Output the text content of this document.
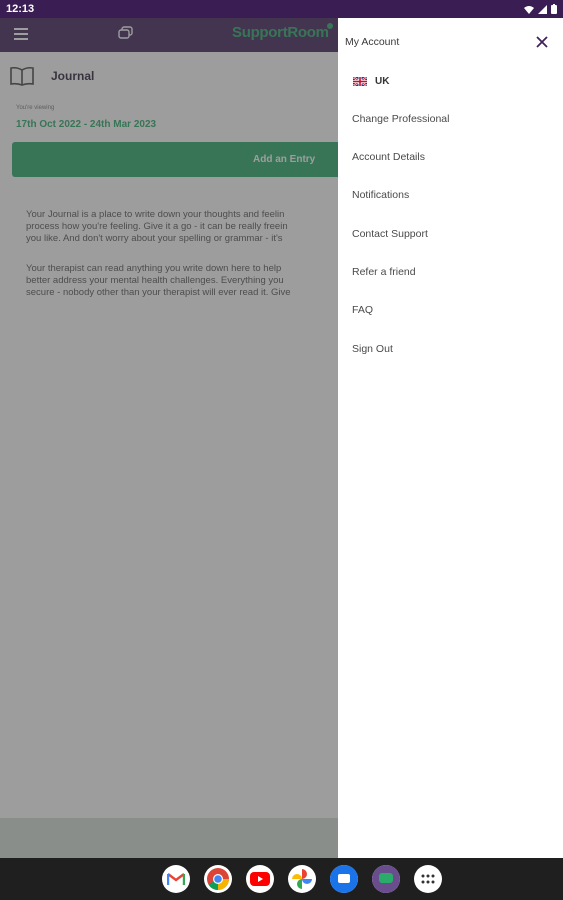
12:13
My Account
UK
Change Professional
Account Details
Notifications
Contact Support
Refer a friend
FAQ
Sign Out
